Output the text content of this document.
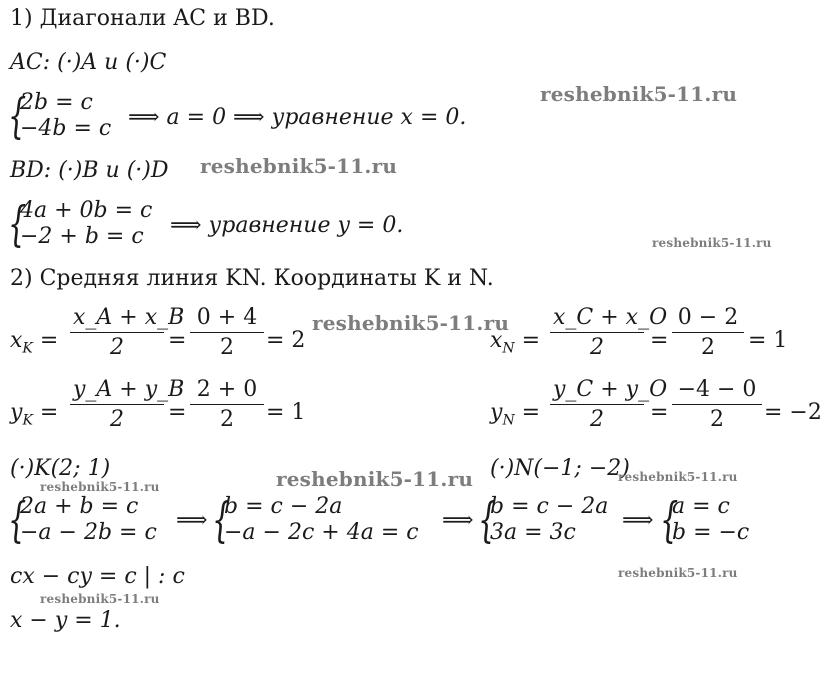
1) Диагонали AC и BD.
AC: (·)A и (·)C
{
2b = c
−4b = c ⟹ a = 0 ⟹ уравнение x = 0.
BD: (·)B и (·)D
{
4a + 0b = c
−2 + b = c ⟹ уравнение y = 0.
2) Средняя линия KN. Координаты K и N.
$x_K$ =
x_A + x_B
2	=
0 + 4
2	= 2	$x_N$ =
x_C + x_O
2	=
0 − 2
2	= 1
$y_K$ =
y_A + y_B
2	=
2 + 0
2	= 1	$y_N$ =
y_C + y_O
2	=
−4 − 0
2	= −2
(·)K(2; 1)	(·)N(−1; −2)
{
2a + b = c
−a − 2b = c ⟹ {
b = c − 2a
−a − 2c + 4a = c ⟹ {
b = c − 2a
3a = 3c ⟹ {
a = c
b = −c
cx − cy = c | : c
x − y = 1.
reshebnik5-11.ru
reshebnik5-11.ru
reshebnik5-11.ru
reshebnik5-11.ru
reshebnik5-11.ru	reshebnik5-11.ru	reshebnik5-11.ru
reshebnik5-11.ru
reshebnik5-11.ru
